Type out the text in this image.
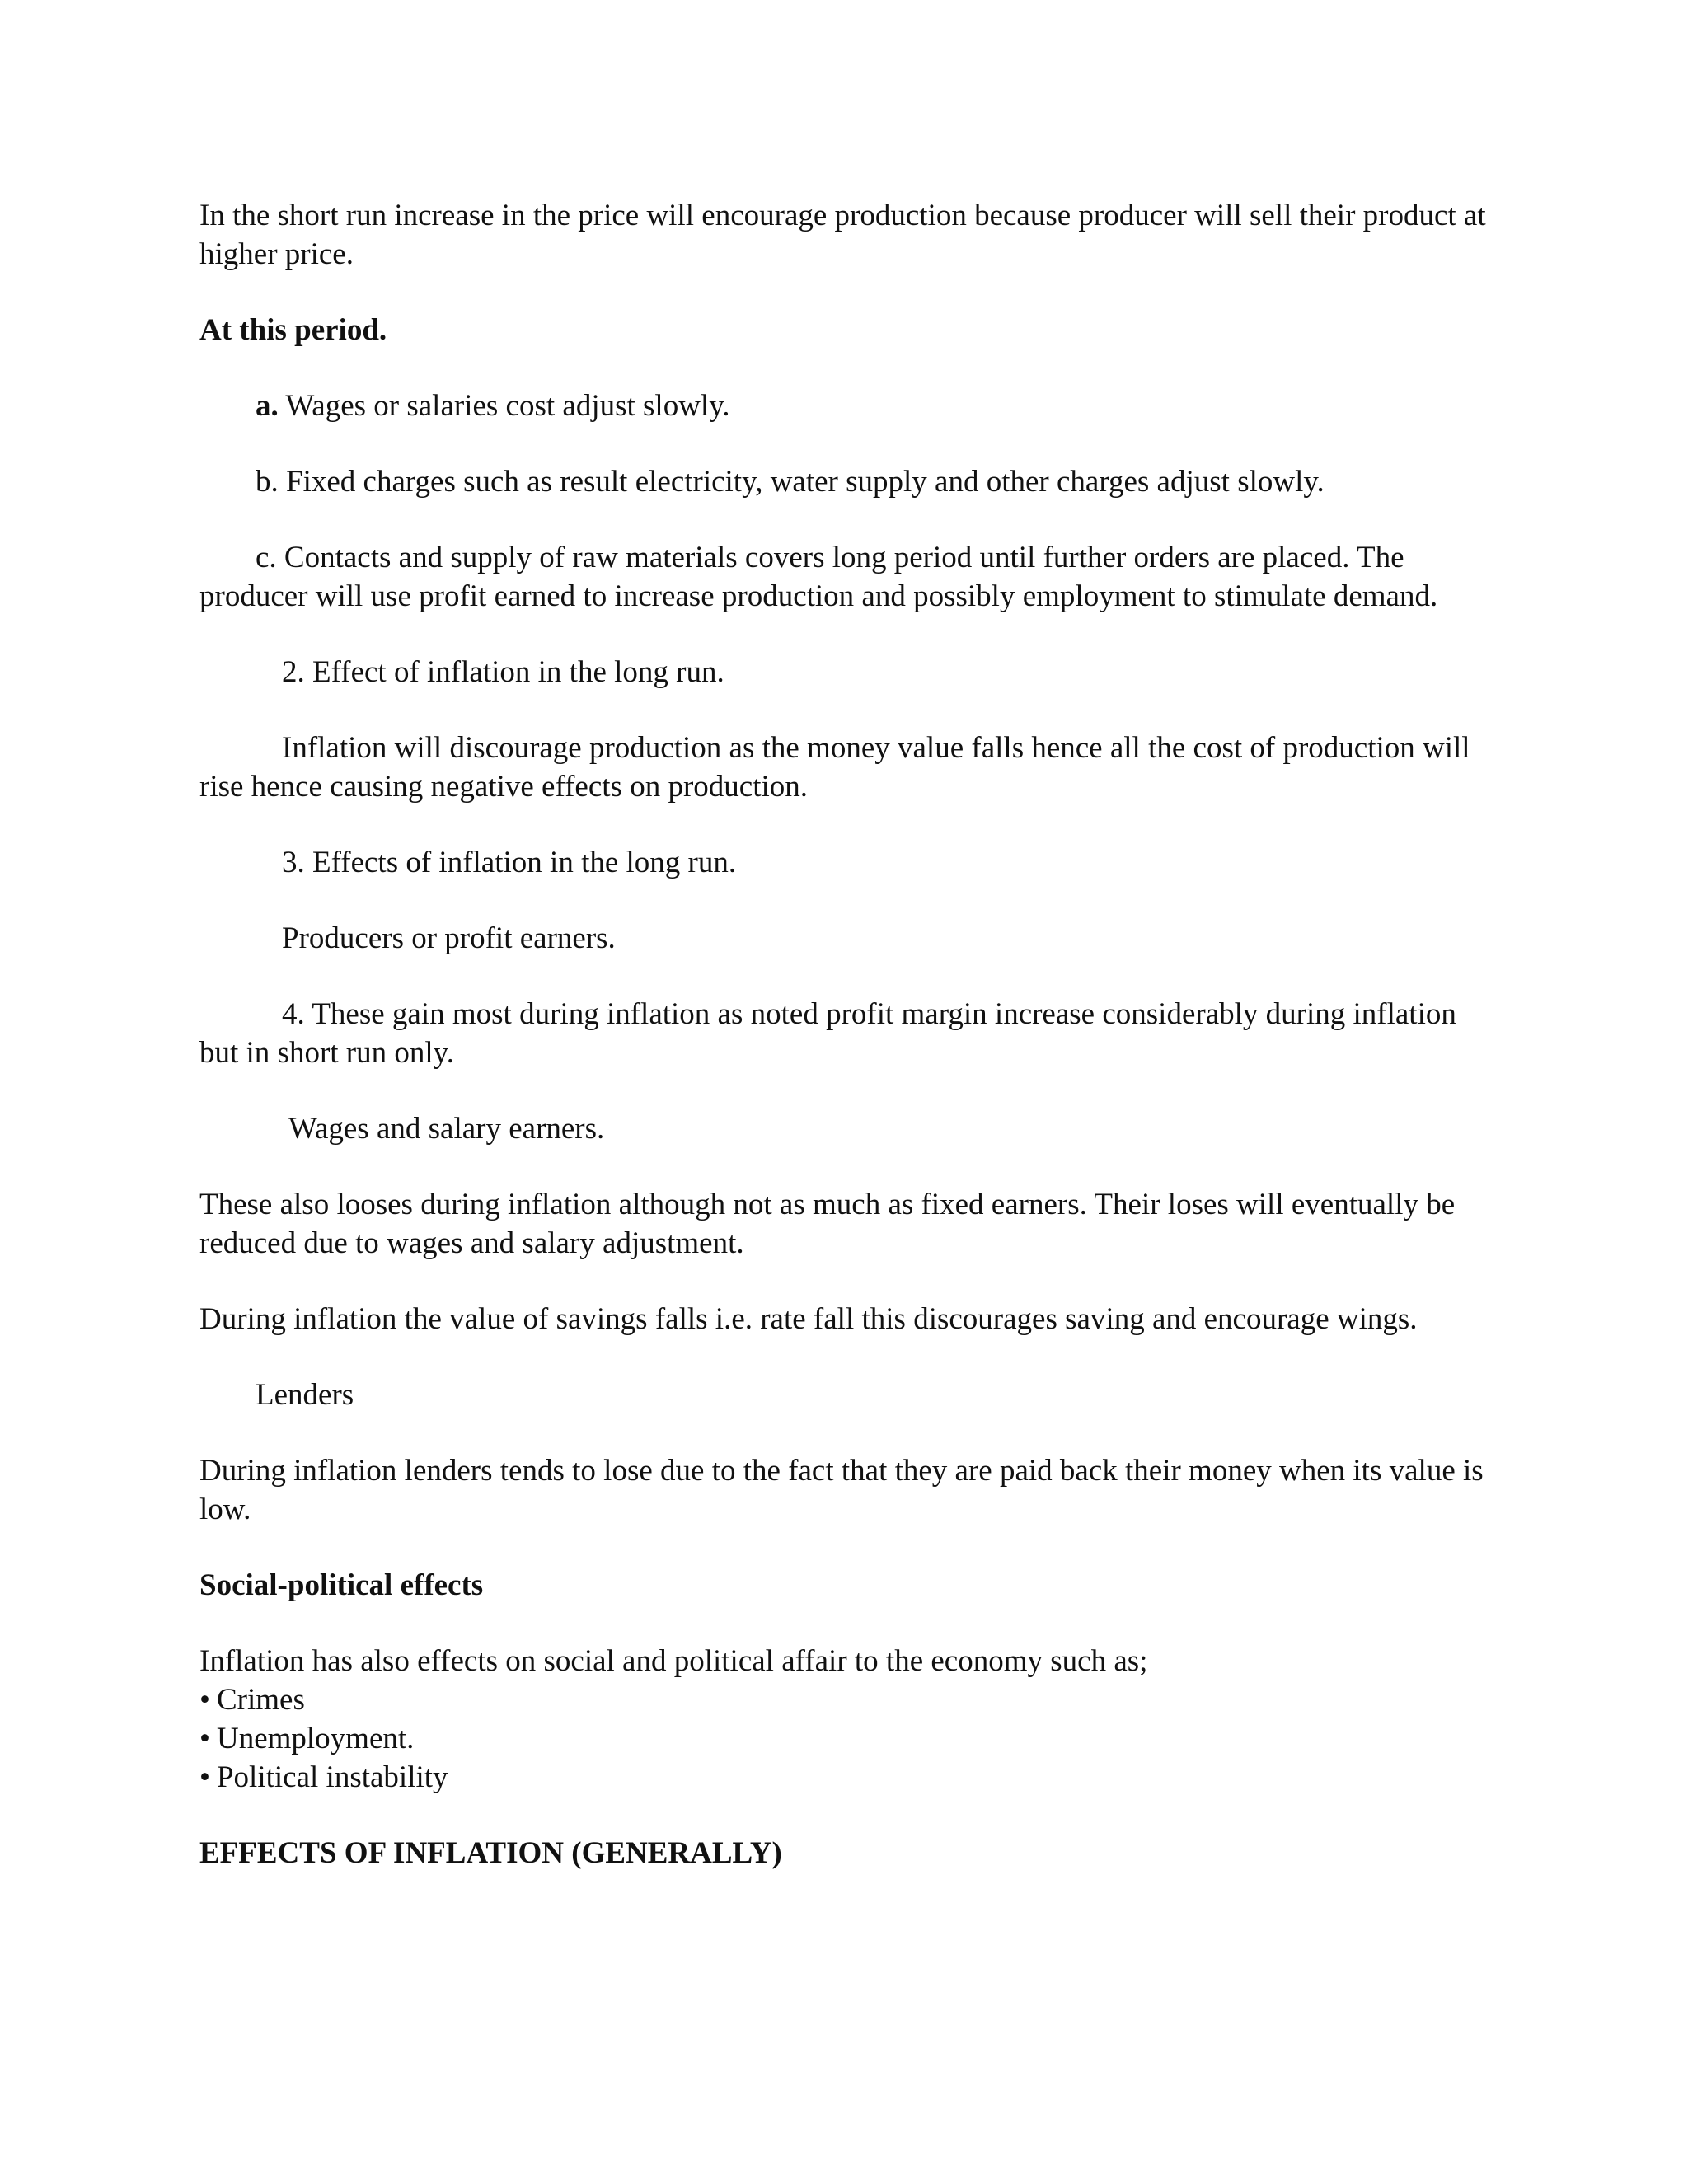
In the short run increase in the price will encourage production because producer will sell their product at higher price.

At this period.

a. Wages or salaries cost adjust slowly.

b. Fixed charges such as result electricity, water supply and other charges adjust slowly.

c. Contacts and supply of raw materials covers long period until further orders are placed. The producer will use profit earned to increase production and possibly employment to stimulate demand.

2. Effect of inflation in the long run.

Inflation will discourage production as the money value falls hence all the cost of production will rise hence causing negative effects on production.

3. Effects of inflation in the long run.

Producers or profit earners.

4. These gain most during inflation as noted profit margin increase considerably during inflation but in short run only.

Wages and salary earners.

These also looses during inflation although not as much as fixed earners. Their loses will eventually be reduced due to wages and salary adjustment.

During inflation the value of savings falls i.e. rate fall this discourages saving and encourage wings.

Lenders

During inflation lenders tends to lose due to the fact that they are paid back their money when its value is low.

Social-political effects

Inflation has also effects on social and political affair to the economy such as;

• Crimes
• Unemployment.
• Political instability

EFFECTS OF INFLATION (GENERALLY)
